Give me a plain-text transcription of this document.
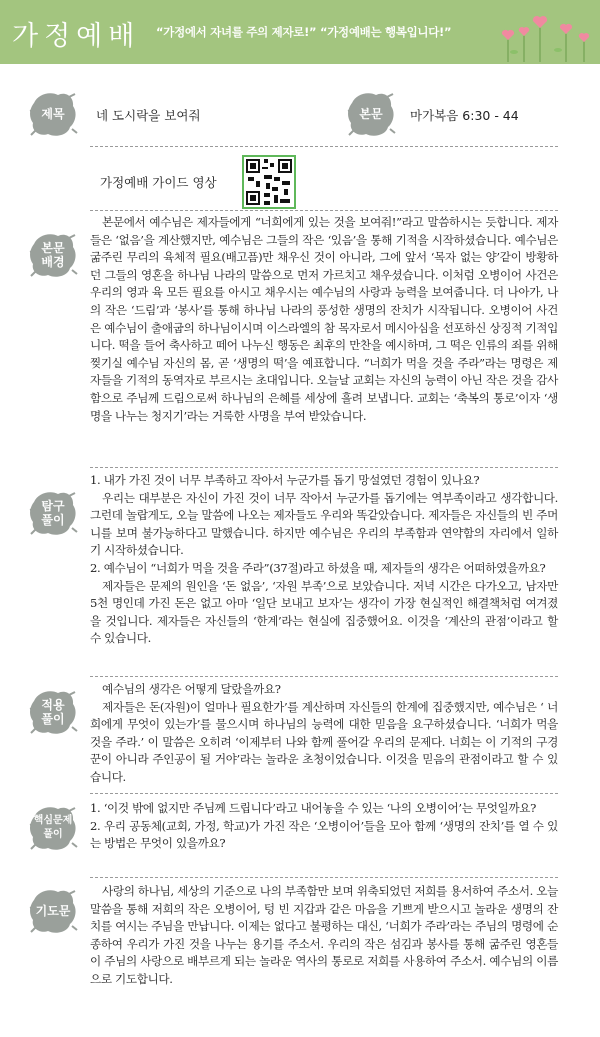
가정예배 “가정에서 자녀를 주의 제자로!” “가정예배는 행복입니다!”
제목	네 도시락을 보여줘	본문	마가복음 6:30 - 44
가정예배 가이드 영상
본문
배경

본문에서 예수님은 제자들에게 “너희에게 있는 것을 보여줘!”라고 말씀하시는 듯합니다. 제자들은 ‘없음’을 계산했지만, 예수님은 그들의 작은 ‘있음’을 통해 기적을 시작하셨습니다. 예수님은 굶주린 무리의 육체적 필요(배고픔)만 채우신 것이 아니라, 그에 앞서 ‘목자 없는 양’같이 방황하던 그들의 영혼을 하나님 나라의 말씀으로 먼저 가르치고 채우셨습니다. 이처럼 오병이어 사건은 우리의 영과 육 모든 필요를 아시고 채우시는 예수님의 사랑과 능력을 보여줍니다. 더 나아가, 나의 작은 ‘드림’과 ‘봉사’를 통해 하나님 나라의 풍성한 생명의 잔치가 시작됩니다. 오병이어 사건은 예수님이 출애굽의 하나님이시며 이스라엘의 참 목자로서 메시아심을 선포하신 상징적 기적입니다. 떡을 들어 축사하고 떼어 나누신 행동은 최후의 만찬을 예시하며, 그 떡은 인류의 죄를 위해 찢기실 예수님 자신의 몸, 곧 ‘생명의 떡’을 예표합니다. “너희가 먹을 것을 주라”라는 명령은 제자들을 기적의 동역자로 부르시는 초대입니다. 오늘날 교회는 자신의 능력이 아닌 작은 것을 감사함으로 주님께 드림으로써 하나님의 은혜를 세상에 흘려 보냅니다. 교회는 ‘축복의 통로’이자 ‘생명을 나누는 청지기’라는 거룩한 사명을 부여 받았습니다.

탐구
풀이

1. 내가 가진 것이 너무 부족하고 작아서 누군가를 돕기 망설였던 경험이 있나요?

우리는 대부분은 자신이 가진 것이 너무 작아서 누군가를 돕기에는 역부족이라고 생각합니다. 그런데 놀랍게도, 오늘 말씀에 나오는 제자들도 우리와 똑같았습니다. 제자들은 자신들의 빈 주머니를 보며 불가능하다고 말했습니다. 하지만 예수님은 우리의 부족함과 연약함의 자리에서 일하기 시작하셨습니다.

2. 예수님이 “너희가 먹을 것을 주라”(37절)라고 하셨을 때, 제자들의 생각은 어떠하였을까요?

제자들은 문제의 원인을 ‘돈 없음’, ‘자원 부족’으로 보았습니다. 저녁 시간은 다가오고, 남자만 5천 명인데 가진 돈은 없고 아마 ‘일단 보내고 보자’는 생각이 가장 현실적인 해결책처럼 여겨졌을 것입니다. 제자들은 자신들의 ‘한계’라는 현실에 집중했어요. 이것을 ‘계산의 관점’이라고 할 수 있습니다.

적용
풀이

예수님의 생각은 어떻게 달랐을까요?

제자들은 돈(자원)이 얼마나 필요한가’를 계산하며 자신들의 한계에 집중했지만, 예수님은 ‘ 너희에게 무엇이 있는가’를 물으시며 하나님의 능력에 대한 믿음을 요구하셨습니다. ‘너희가 먹을 것을 주라.’ 이 말씀은 오히려 ‘이제부터 나와 함께 풀어갈 우리의 문제다. 너희는 이 기적의 구경꾼이 아니라 주인공이 될 거야’라는 놀라운 초청이었습니다. 이것을 믿음의 관점이라고 할 수 있습니다.

핵심문제
풀이

1. ‘이것 밖에 없지만 주님께 드립니다’라고 내어놓을 수 있는 ‘나의 오병이어’는 무엇일까요?

2. 우리 공동체(교회, 가정, 학교)가 가진 작은 ‘오병이어’들을 모아 함께 ‘생명의 잔치’를 열 수 있는 방법은 무엇이 있을까요?

기도문

사랑의 하나님, 세상의 기준으로 나의 부족함만 보며 위축되었던 저희를 용서하여 주소서. 오늘 말씀을 통해 저희의 작은 오병이어, 텅 빈 지갑과 같은 마음을 기쁘게 받으시고 놀라운 생명의 잔치를 여시는 주님을 만납니다. 이제는 없다고 불평하는 대신, ‘너희가 주라’라는 주님의 명령에 순종하여 우리가 가진 것을 나누는 용기를 주소서. 우리의 작은 섬김과 봉사를 통해 굶주린 영혼들이 주님의 사랑으로 배부르게 되는 놀라운 역사의 통로로 저희를 사용하여 주소서. 예수님의 이름으로 기도합니다.
